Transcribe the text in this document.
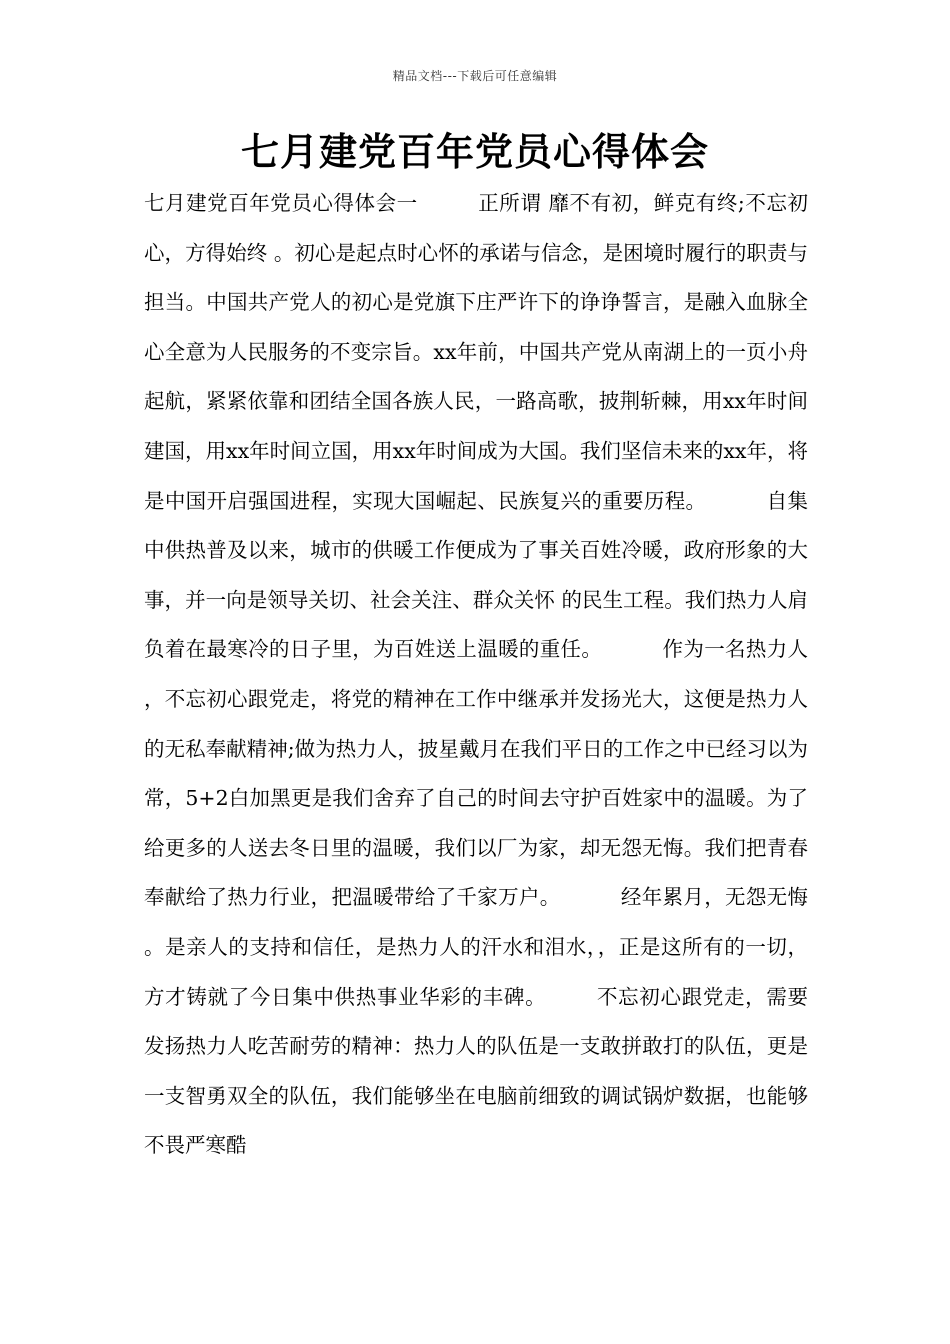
精品文档---下载后可任意编辑
七月建党百年党员心得体会
七月建党百年党员心得体会一	正所谓 靡不有初，鲜克有终;不忘初心，方得始终 。初心是起点时心怀的承诺与信念，是困境时履行的职责与担当。中国共产党人的初心是党旗下庄严许下的诤诤誓言，是融入血脉全心全意为人民服务的不变宗旨。xx年前，中国共产党从南湖上的一页小舟起航，紧紧依靠和团结全国各族人民，一路高歌，披荆斩棘，用xx年时间建国，用xx年时间立国，用xx年时间成为大国。我们坚信未来的xx年，将是中国开启强国进程，实现大国崛起、民族复兴的重要历程。	自集中供热普及以来，城市的供暖工作便成为了事关百姓冷暖，政府形象的大事，并一向是领导关切、社会关注、群众关怀 的民生工程。我们热力人肩负着在最寒冷的日子里，为百姓送上温暖的重任。	作为一名热力人，不忘初心跟党走，将党的精神在工作中继承并发扬光大，这便是热力人的无私奉献精神;做为热力人，披星戴月在我们平日的工作之中已经习以为常，5+2白加黑更是我们舍弃了自己的时间去守护百姓家中的温暖。为了给更多的人送去冬日里的温暖，我们以厂为家，却无怨无悔。我们把青春奉献给了热力行业，把温暖带给了千家万户。	经年累月，无怨无悔。是亲人的支持和信任，是热力人的汗水和泪水，，正是这所有的一切，方才铸就了今日集中供热事业华彩的丰碑。 不忘初心跟党走，需要发扬热力人吃苦耐劳的精神：热力人的队伍是一支敢拼敢打的队伍，更是一支智勇双全的队伍，我们能够坐在电脑前细致的调试锅炉数据，也能够不畏严寒酷
